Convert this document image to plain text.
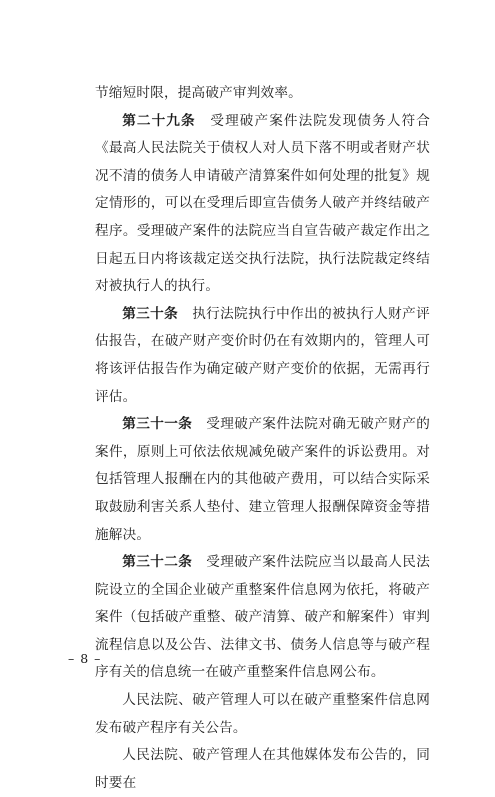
节缩短时限，提高破产审判效率。

第二十九条　 受理破产案件法院发现债务人符合《最高人民法院关于债权人对人员下落不明或者财产状况不清的债务人申请破产清算案件如何处理的批复》规定情形的，可以在受理后即宣告债务人破产并终结破产程序。受理破产案件的法院应当自宣告破产裁定作出之日起五日内将该裁定送交执行法院，执行法院裁定终结对被执行人的执行。

第三十条　 执行法院执行中作出的被执行人财产评估报告，在破产财产变价时仍在有效期内的，管理人可将该评估报告作为确定破产财产变价的依据，无需再行评估。

第三十一条　 受理破产案件法院对确无破产财产的案件，原则上可依法依规减免破产案件的诉讼费用。对包括管理人报酬在内的其他破产费用，可以结合实际采取鼓励利害关系人垫付、建立管理人报酬保障资金等措施解决。

第三十二条　 受理破产案件法院应当以最高人民法院设立的全国企业破产重整案件信息网为依托，将破产案件（包括破产重整、破产清算、破产和解案件）审判流程信息以及公告、法律文书、债务人信息等与破产程序有关的信息统一在破产重整案件信息网公布。

人民法院、破产管理人可以在破产重整案件信息网发布破产程序有关公告。

人民法院、破产管理人在其他媒体发布公告的，同时要在

– 8 –
